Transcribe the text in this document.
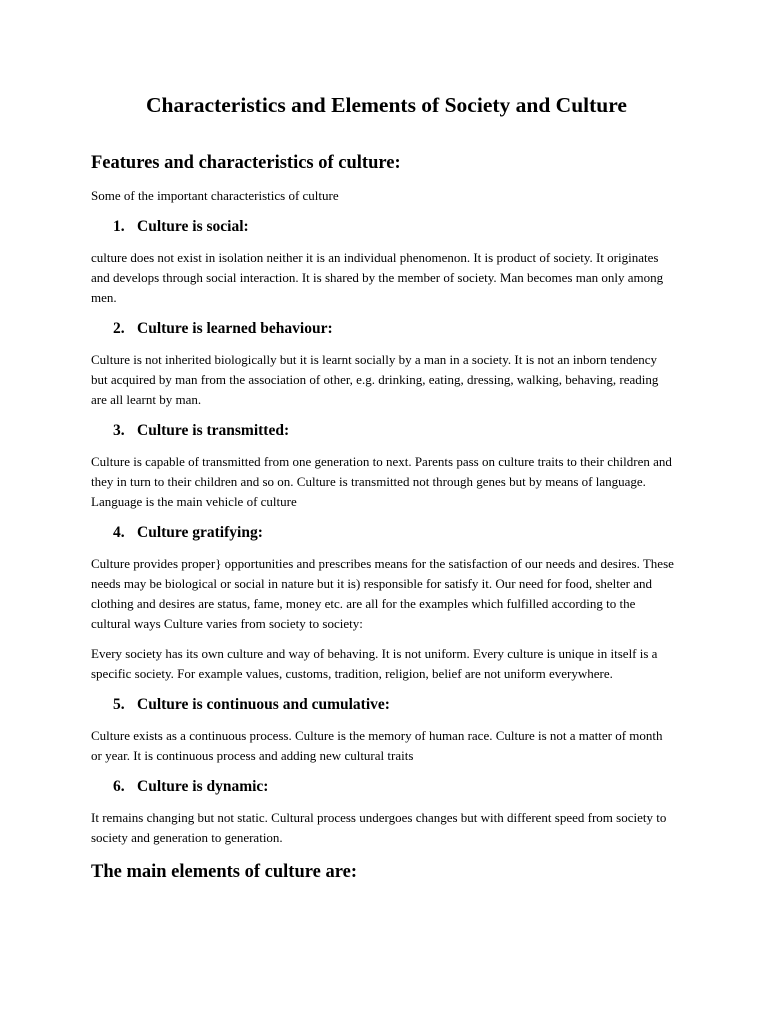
Characteristics and Elements of Society and Culture
Features and characteristics of culture:

Some of the important characteristics of culture

1. Culture is social:

culture does not exist in isolation neither it is an individual phenomenon. It is product of society. It originates and develops through social interaction. It is shared by the member of society. Man becomes man only among men.

2. Culture is learned behaviour:

Culture is not inherited biologically but it is learnt socially by a man in a society. It is not an inborn tendency but acquired by man from the association of other, e.g. drinking, eating, dressing, walking, behaving, reading are all learnt by man.

3. Culture is transmitted:

Culture is capable of transmitted from one generation to next. Parents pass on culture traits to their children and they in turn to their children and so on. Culture is transmitted not through genes but by means of language. Language is the main vehicle of culture

4. Culture gratifying:

Culture provides proper} opportunities and prescribes means for the satisfaction of our needs and desires. These needs may be biological or social in nature but it is) responsible for satisfy it. Our need for food, shelter and clothing and desires are status, fame, money etc. are all for the examples which fulfilled according to the cultural ways Culture varies from society to society:

Every society has its own culture and way of behaving. It is not uniform. Every culture is unique in itself is a specific society. For example values, customs, tradition, religion, belief are not uniform everywhere.

5. Culture is continuous and cumulative:

Culture exists as a continuous process. Culture is the memory of human race. Culture is not a matter of month or year. It is continuous process and adding new cultural traits

6. Culture is dynamic:

It remains changing but not static. Cultural process undergoes changes but with different speed from society to society and generation to generation.

The main elements of culture are:
